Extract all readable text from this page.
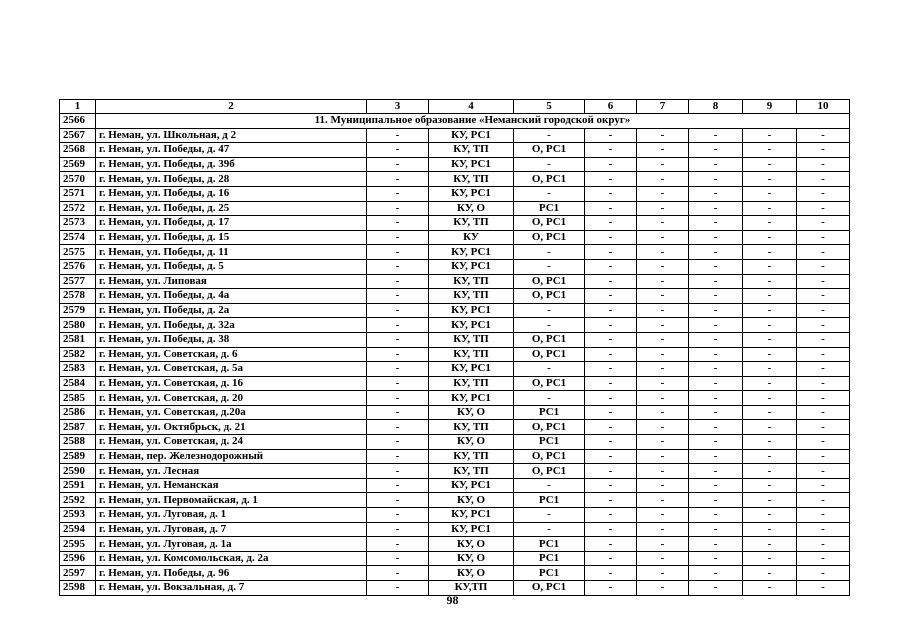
1	2	3	4	5	6	7	8	9	10
2566	11. Муниципальное образование «Неманский городской округ»								
2567	г. Неман, ул. Школьная, д 2	-	КУ, РС1	-	-	-	-	-	-
2568	г. Неман, ул. Победы, д. 47	-	КУ, ТП	О, РС1	-	-	-	-	-
2569	г. Неман, ул. Победы, д. 39б	-	КУ, РС1	-	-	-	-	-	-
2570	г. Неман, ул. Победы, д. 28	-	КУ, ТП	О, РС1	-	-	-	-	-
2571	г. Неман, ул. Победы, д. 16	-	КУ, РС1	-	-	-	-	-	-
2572	г. Неман, ул. Победы, д. 25	-	КУ, О	РС1	-	-	-	-	-
2573	г. Неман, ул. Победы, д. 17	-	КУ, ТП	О, РС1	-	-	-	-	-
2574	г. Неман, ул. Победы, д. 15	-	КУ	О, РС1	-	-	-	-	-
2575	г. Неман, ул. Победы, д. 11	-	КУ, РС1	-	-	-	-	-	-
2576	г. Неман, ул. Победы, д. 5	-	КУ, РС1	-	-	-	-	-	-
2577	г. Неман, ул. Липовая	-	КУ, ТП	О, РС1	-	-	-	-	-
2578	г. Неман, ул. Победы, д. 4а	-	КУ, ТП	О, РС1	-	-	-	-	-
2579	г. Неман, ул. Победы, д. 2а	-	КУ, РС1	-	-	-	-	-	-
2580	г. Неман, ул. Победы, д. 32а	-	КУ, РС1	-	-	-	-	-	-
2581	г. Неман, ул. Победы, д. 38	-	КУ, ТП	О, РС1	-	-	-	-	-
2582	г. Неман, ул. Советская, д. 6	-	КУ, ТП	О, РС1	-	-	-	-	-
2583	г. Неман, ул. Советская, д. 5а	-	КУ, РС1	-	-	-	-	-	-
2584	г. Неман, ул. Советская, д. 16	-	КУ, ТП	О, РС1	-	-	-	-	-
2585	г. Неман, ул. Советская, д. 20	-	КУ, РС1	-	-	-	-	-	-
2586	г. Неман, ул. Советская, д.20а	-	КУ, О	РС1	-	-	-	-	-
2587	г. Неман, ул. Октябрьск, д. 21	-	КУ, ТП	О, РС1	-	-	-	-	-
2588	г. Неман, ул. Советская, д. 24	-	КУ, О	РС1	-	-	-	-	-
2589	г. Неман, пер. Железнодорожный	-	КУ, ТП	О, РС1	-	-	-	-	-
2590	г. Неман, ул. Лесная	-	КУ, ТП	О, РС1	-	-	-	-	-
2591	г. Неман, ул. Неманская	-	КУ, РС1	-	-	-	-	-	-
2592	г. Неман, ул. Первомайская, д. 1	-	КУ, О	РС1	-	-	-	-	-
2593	г. Неман, ул. Луговая, д. 1	-	КУ, РС1	-	-	-	-	-	-
2594	г. Неман, ул. Луговая, д. 7	-	КУ, РС1	-	-	-	-	-	-
2595	г. Неман, ул. Луговая, д. 1а	-	КУ, О	РС1	-	-	-	-	-
2596	г. Неман, ул. Комсомольская, д. 2а	-	КУ, О	РС1	-	-	-	-	-
2597	г. Неман, ул. Победы, д. 96	-	КУ, О	РС1	-	-	-	-	-
2598	г. Неман, ул. Вокзальная, д. 7	-	КУ,ТП	О, РС1	-	-	-	-	-
98
